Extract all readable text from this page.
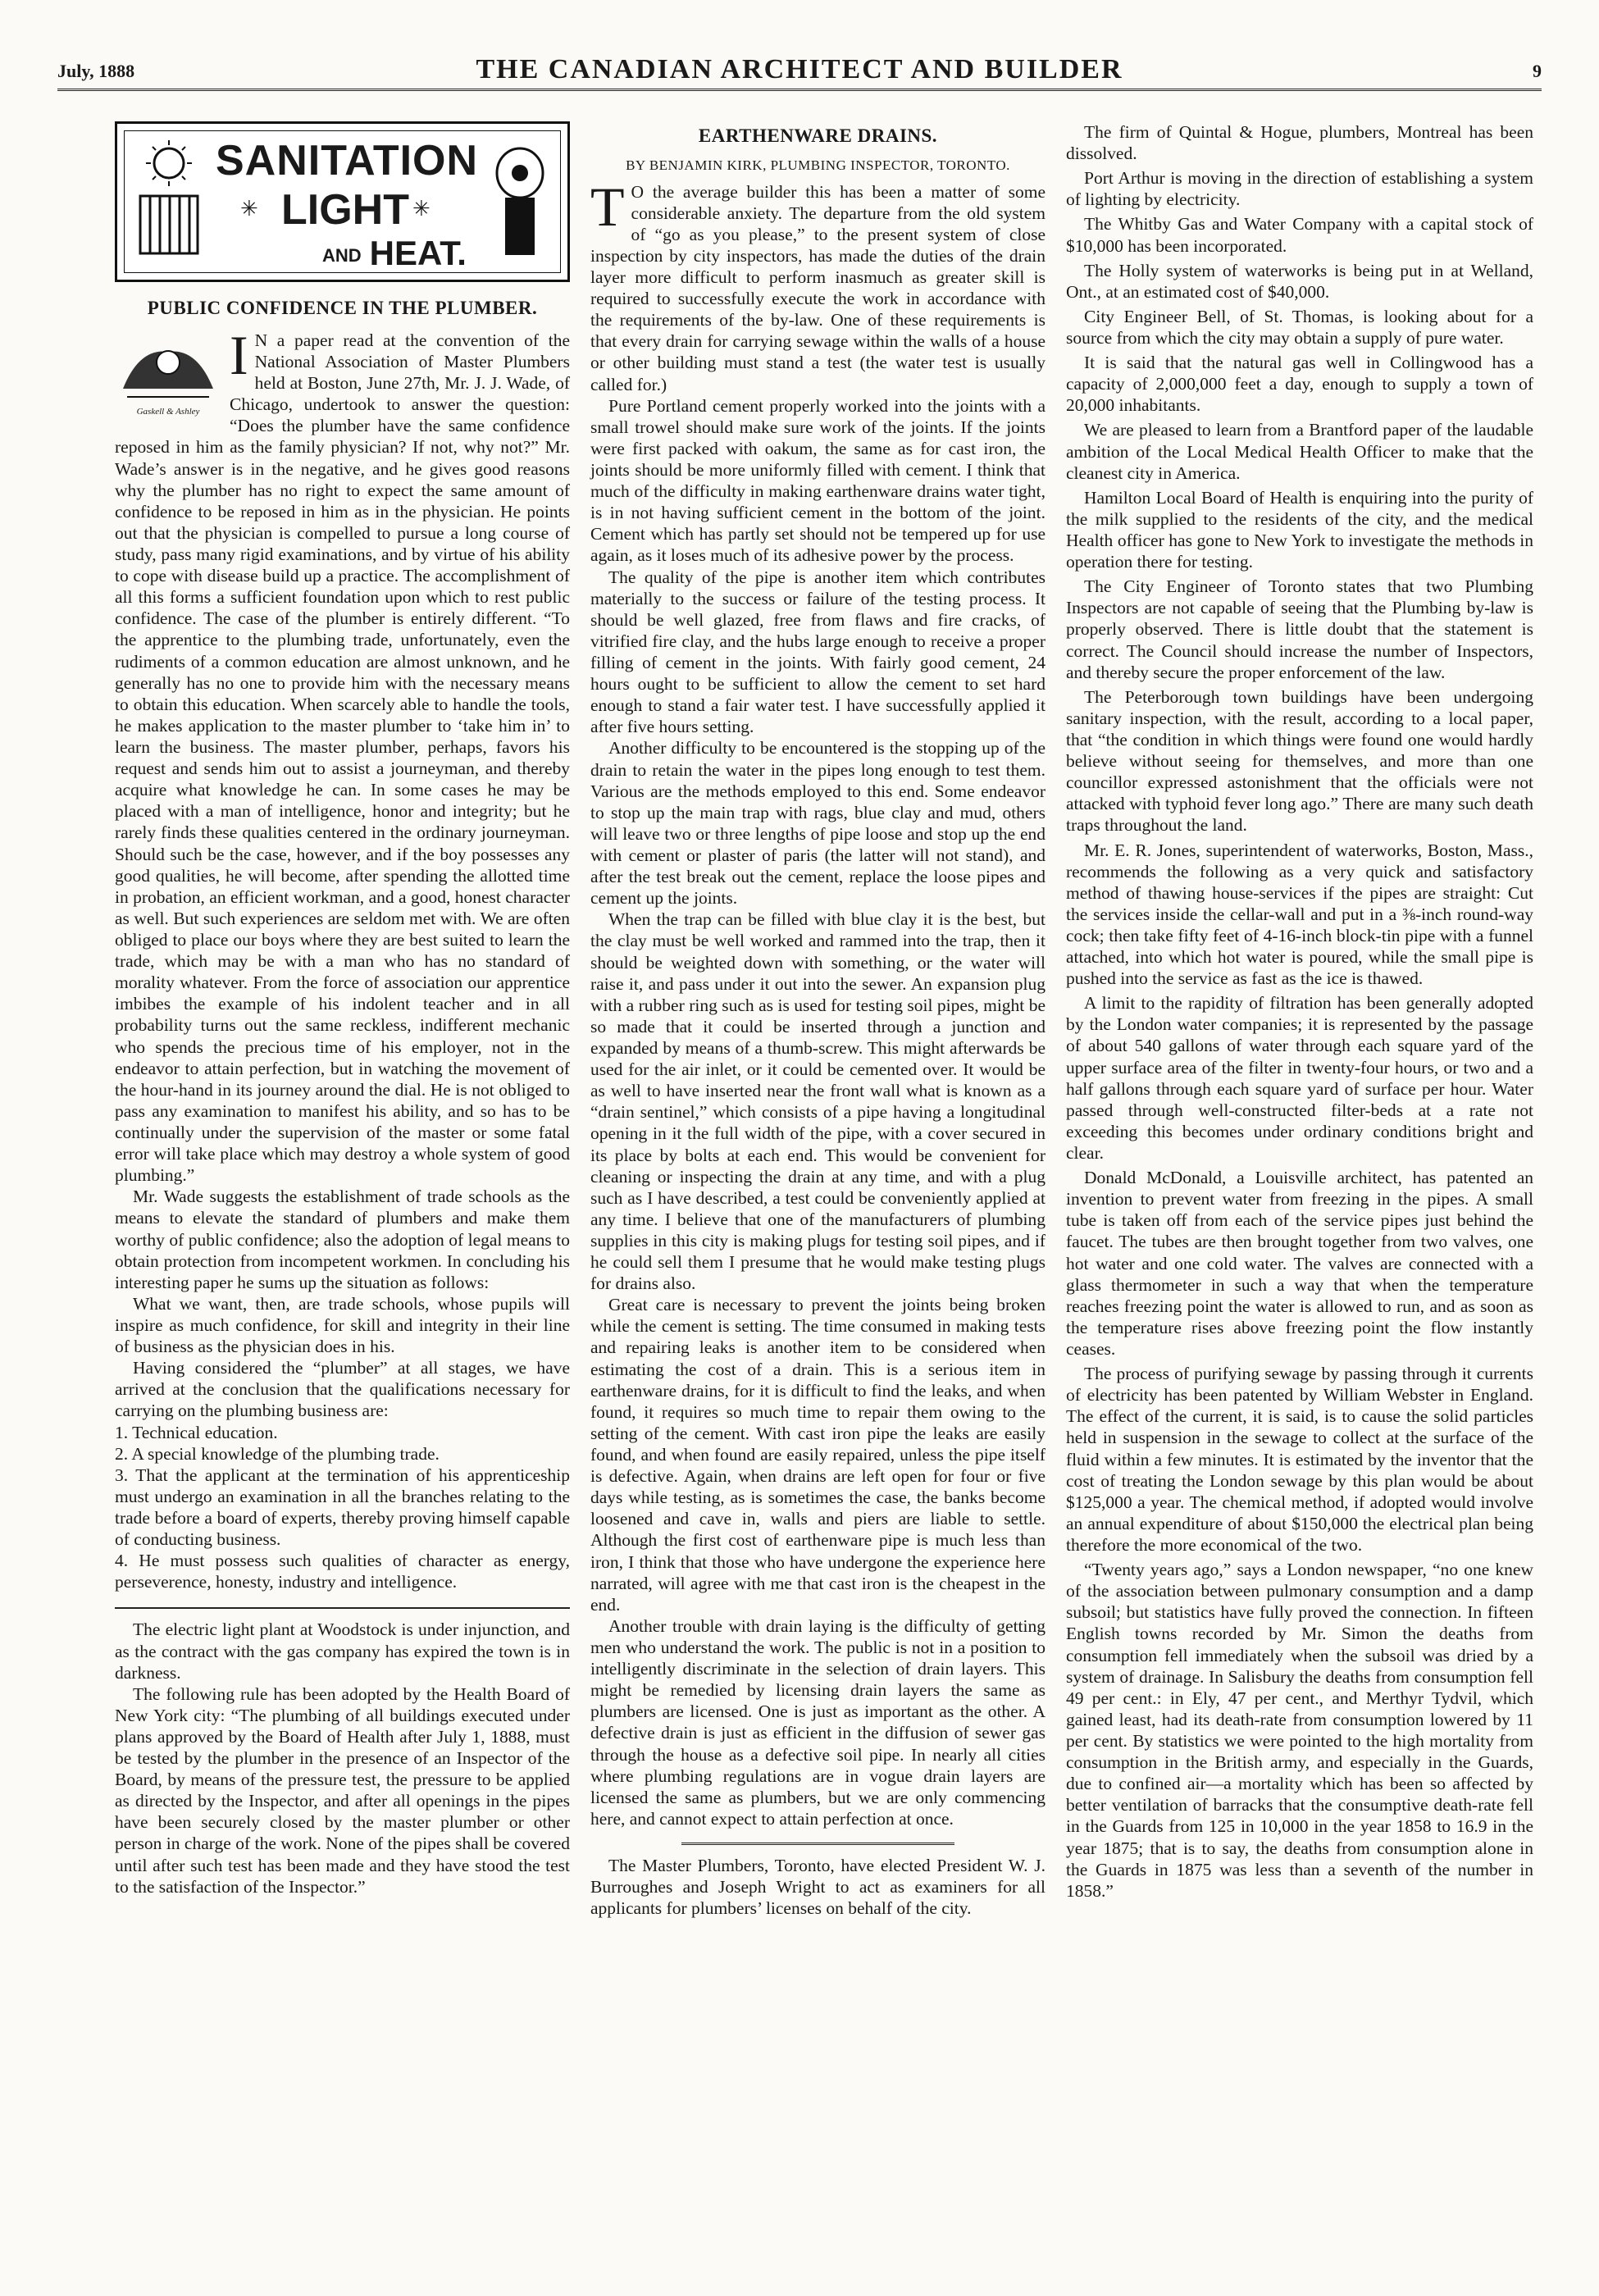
July, 1888	THE CANADIAN ARCHITECT AND BUILDER	9
SANITATION
✳ LIGHT ✳
AND HEAT.
PUBLIC CONFIDENCE IN THE PLUMBER.
Gaskell & Ashley
I N a paper read at the convention of the National Association of Master Plumbers held at Boston, June 27th, Mr. J. J. Wade, of Chicago, undertook to answer the question: “Does the plumber have the same confidence reposed in him as the family physician? If not, why not?” Mr. Wade’s answer is in the negative, and he gives good reasons why the plumber has no right to expect the same amount of confidence to be reposed in him as in the physician. He points out that the physician is compelled to pursue a long course of study, pass many rigid examinations, and by virtue of his ability to cope with disease build up a practice. The accomplishment of all this forms a sufficient foundation upon which to rest public confidence. The case of the plumber is entirely different. “To the apprentice to the plumbing trade, unfortunately, even the rudiments of a common education are almost unknown, and he generally has no one to provide him with the necessary means to obtain this education. When scarcely able to handle the tools, he makes application to the master plumber to ‘take him in’ to learn the business. The master plumber, perhaps, favors his request and sends him out to assist a journeyman, and thereby acquire what knowledge he can. In some cases he may be placed with a man of intelligence, honor and integrity; but he rarely finds these qualities centered in the ordinary journeyman. Should such be the case, however, and if the boy possesses any good qualities, he will become, after spending the allotted time in probation, an efficient workman, and a good, honest character as well. But such experiences are seldom met with. We are often obliged to place our boys where they are best suited to learn the trade, which may be with a man who has no standard of morality whatever. From the force of association our apprentice imbibes the example of his indolent teacher and in all probability turns out the same reckless, indifferent mechanic who spends the precious time of his employer, not in the endeavor to attain perfection, but in watching the movement of the hour-hand in its journey around the dial. He is not obliged to pass any examination to manifest his ability, and so has to be continually under the supervision of the master or some fatal error will take place which may destroy a whole system of good plumbing.”

Mr. Wade suggests the establishment of trade schools as the means to elevate the standard of plumbers and make them worthy of public confidence; also the adoption of legal means to obtain protection from incompetent workmen. In concluding his interesting paper he sums up the situation as follows:

What we want, then, are trade schools, whose pupils will inspire as much confidence, for skill and integrity in their line of business as the physician does in his.

Having considered the “plumber” at all stages, we have arrived at the conclusion that the qualifications necessary for carrying on the plumbing business are:

1. Technical education.

2. A special knowledge of the plumbing trade.

3. That the applicant at the termination of his apprenticeship must undergo an examination in all the branches relating to the trade before a board of experts, thereby proving himself capable of conducting business.

4. He must possess such qualities of character as energy, perseverence, honesty, industry and intelligence.

The electric light plant at Woodstock is under injunction, and as the contract with the gas company has expired the town is in darkness.

The following rule has been adopted by the Health Board of New York city: “The plumbing of all buildings executed under plans approved by the Board of Health after July 1, 1888, must be tested by the plumber in the presence of an Inspector of the Board, by means of the pressure test, the pressure to be applied as directed by the Inspector, and after all openings in the pipes have been securely closed by the master plumber or other person in charge of the work. None of the pipes shall be covered until after such test has been made and they have stood the test to the satisfaction of the Inspector.”

EARTHENWARE DRAINS.
BY BENJAMIN KIRK, PLUMBING INSPECTOR, TORONTO.
T O the average builder this has been a matter of some considerable anxiety. The departure from the old system of “go as you please,” to the present system of close inspection by city inspectors, has made the duties of the drain layer more difficult to perform inasmuch as greater skill is required to successfully execute the work in accordance with the requirements of the by-law. One of these requirements is that every drain for carrying sewage within the walls of a house or other building must stand a test (the water test is usually called for.)

Pure Portland cement properly worked into the joints with a small trowel should make sure work of the joints. If the joints were first packed with oakum, the same as for cast iron, the joints should be more uniformly filled with cement. I think that much of the difficulty in making earthenware drains water tight, is in not having sufficient cement in the bottom of the joint. Cement which has partly set should not be tempered up for use again, as it loses much of its adhesive power by the process.

The quality of the pipe is another item which contributes materially to the success or failure of the testing process. It should be well glazed, free from flaws and fire cracks, of vitrified fire clay, and the hubs large enough to receive a proper filling of cement in the joints. With fairly good cement, 24 hours ought to be sufficient to allow the cement to set hard enough to stand a fair water test. I have successfully applied it after five hours setting.

Another difficulty to be encountered is the stopping up of the drain to retain the water in the pipes long enough to test them. Various are the methods employed to this end. Some endeavor to stop up the main trap with rags, blue clay and mud, others will leave two or three lengths of pipe loose and stop up the end with cement or plaster of paris (the latter will not stand), and after the test break out the cement, replace the loose pipes and cement up the joints.

When the trap can be filled with blue clay it is the best, but the clay must be well worked and rammed into the trap, then it should be weighted down with something, or the water will raise it, and pass under it out into the sewer. An expansion plug with a rubber ring such as is used for testing soil pipes, might be so made that it could be inserted through a junction and expanded by means of a thumb-screw. This might afterwards be used for the air inlet, or it could be cemented over. It would be as well to have inserted near the front wall what is known as a “drain sentinel,” which consists of a pipe having a longitudinal opening in it the full width of the pipe, with a cover secured in its place by bolts at each end. This would be convenient for cleaning or inspecting the drain at any time, and with a plug such as I have described, a test could be conveniently applied at any time. I believe that one of the manufacturers of plumbing supplies in this city is making plugs for testing soil pipes, and if he could sell them I presume that he would make testing plugs for drains also.

Great care is necessary to prevent the joints being broken while the cement is setting. The time consumed in making tests and repairing leaks is another item to be considered when estimating the cost of a drain. This is a serious item in earthenware drains, for it is difficult to find the leaks, and when found, it requires so much time to repair them owing to the setting of the cement. With cast iron pipe the leaks are easily found, and when found are easily repaired, unless the pipe itself is defective. Again, when drains are left open for four or five days while testing, as is sometimes the case, the banks become loosened and cave in, walls and piers are liable to settle. Although the first cost of earthenware pipe is much less than iron, I think that those who have undergone the experience here narrated, will agree with me that cast iron is the cheapest in the end.

Another trouble with drain laying is the difficulty of getting men who understand the work. The public is not in a position to intelligently discriminate in the selection of drain layers. This might be remedied by licensing drain layers the same as plumbers are licensed. One is just as important as the other. A defective drain is just as efficient in the diffusion of sewer gas through the house as a defective soil pipe. In nearly all cities where plumbing regulations are in vogue drain layers are licensed the same as plumbers, but we are only commencing here, and cannot expect to attain perfection at once.

The Master Plumbers, Toronto, have elected President W. J. Burroughes and Joseph Wright to act as examiners for all applicants for plumbers’ licenses on behalf of the city.

The firm of Quintal & Hogue, plumbers, Montreal has been dissolved.

Port Arthur is moving in the direction of establishing a system of lighting by electricity.

The Whitby Gas and Water Company with a capital stock of $10,000 has been incorporated.

The Holly system of waterworks is being put in at Welland, Ont., at an estimated cost of $40,000.

City Engineer Bell, of St. Thomas, is looking about for a source from which the city may obtain a supply of pure water.

It is said that the natural gas well in Collingwood has a capacity of 2,000,000 feet a day, enough to supply a town of 20,000 inhabitants.

We are pleased to learn from a Brantford paper of the laudable ambition of the Local Medical Health Officer to make that the cleanest city in America.

Hamilton Local Board of Health is enquiring into the purity of the milk supplied to the residents of the city, and the medical Health officer has gone to New York to investigate the methods in operation there for testing.

The City Engineer of Toronto states that two Plumbing Inspectors are not capable of seeing that the Plumbing by-law is properly observed. There is little doubt that the statement is correct. The Council should increase the number of Inspectors, and thereby secure the proper enforcement of the law.

The Peterborough town buildings have been undergoing sanitary inspection, with the result, according to a local paper, that “the condition in which things were found one would hardly believe without seeing for themselves, and more than one councillor expressed astonishment that the officials were not attacked with typhoid fever long ago.” There are many such death traps throughout the land.

Mr. E. R. Jones, superintendent of waterworks, Boston, Mass., recommends the following as a very quick and satisfactory method of thawing house-services if the pipes are straight: Cut the services inside the cellar-wall and put in a ⅜-inch round-way cock; then take fifty feet of 4-16-inch block-tin pipe with a funnel attached, into which hot water is poured, while the small pipe is pushed into the service as fast as the ice is thawed.

A limit to the rapidity of filtration has been generally adopted by the London water companies; it is represented by the passage of about 540 gallons of water through each square yard of the upper surface area of the filter in twenty-four hours, or two and a half gallons through each square yard of surface per hour. Water passed through well-constructed filter-beds at a rate not exceeding this becomes under ordinary conditions bright and clear.

Donald McDonald, a Louisville architect, has patented an invention to prevent water from freezing in the pipes. A small tube is taken off from each of the service pipes just behind the faucet. The tubes are then brought together from two valves, one hot water and one cold water. The valves are connected with a glass thermometer in such a way that when the temperature reaches freezing point the water is allowed to run, and as soon as the temperature rises above freezing point the flow instantly ceases.

The process of purifying sewage by passing through it currents of electricity has been patented by William Webster in England. The effect of the current, it is said, is to cause the solid particles held in suspension in the sewage to collect at the surface of the fluid within a few minutes. It is estimated by the inventor that the cost of treating the London sewage by this plan would be about $125,000 a year. The chemical method, if adopted would involve an annual expenditure of about $150,000 the electrical plan being therefore the more economical of the two.

“Twenty years ago,” says a London newspaper, “no one knew of the association between pulmonary consumption and a damp subsoil; but statistics have fully proved the connection. In fifteen English towns recorded by Mr. Simon the deaths from consumption fell immediately when the subsoil was dried by a system of drainage. In Salisbury the deaths from consumption fell 49 per cent.: in Ely, 47 per cent., and Merthyr Tydvil, which gained least, had its death-rate from consumption lowered by 11 per cent. By statistics we were pointed to the high mortality from consumption in the British army, and especially in the Guards, due to confined air—a mortality which has been so affected by better ventilation of barracks that the consumptive death-rate fell in the Guards from 125 in 10,000 in the year 1858 to 16.9 in the year 1875; that is to say, the deaths from consumption alone in the Guards in 1875 was less than a seventh of the number in 1858.”
